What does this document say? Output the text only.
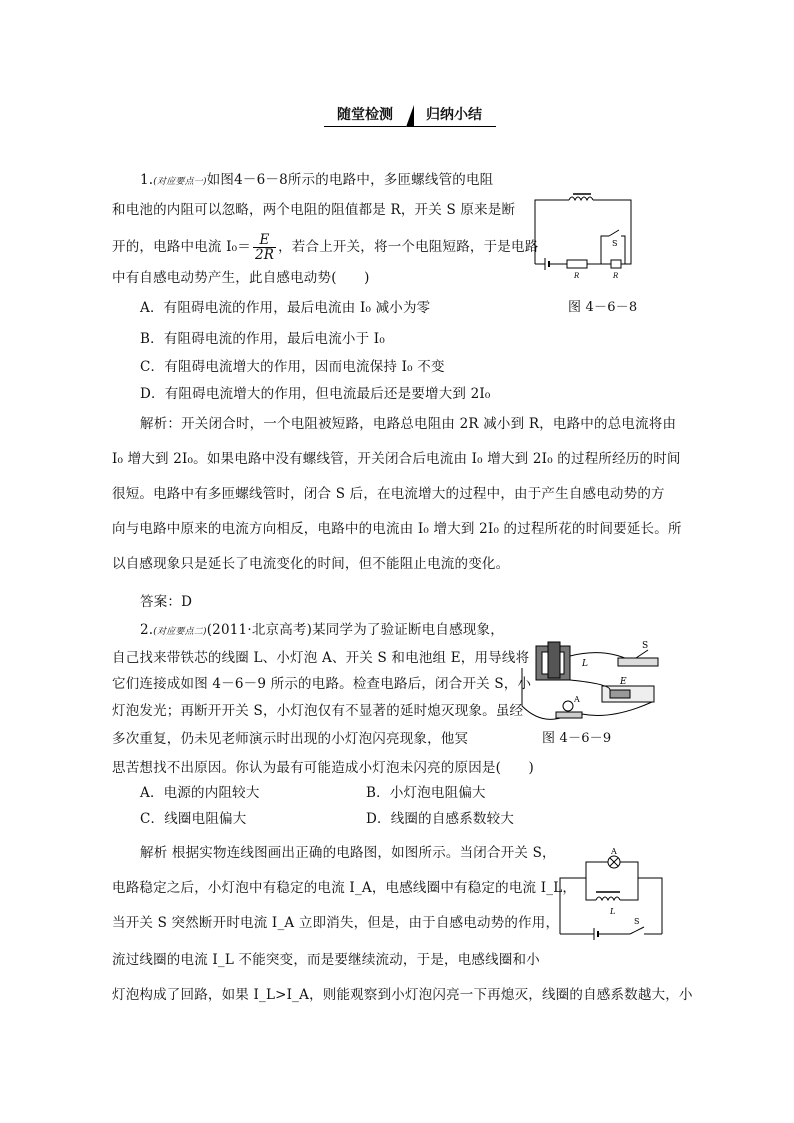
随堂检测	归纳小结
1.(对应要点一)如图4－6－8所示的电路中，多匝螺线管的电阻
和电池的内阻可以忽略，两个电阻的阻值都是 R，开关 S 原来是断
开的，电路中电流 $I_0= \frac{E}{2R}$ ，若合上开关，将一个电阻短路，于是电路
中有自感电动势产生，此自感电动势(　　)
S
R	R
A．有阻碍电流的作用，最后电流由 I₀ 减小为零	图 4－6－8
B．有阻碍电流的作用，最后电流小于 I₀
C．有阻碍电流增大的作用，因而电流保持 I₀ 不变
D．有阻碍电流增大的作用，但电流最后还是要增大到 2I₀
解析：开关闭合时，一个电阻被短路，电路总电阻由 2R 减小到 R，电路中的总电流将由
I₀ 增大到 2I₀。如果电路中没有螺线管，开关闭合后电流由 I₀ 增大到 2I₀ 的过程所经历的时间
很短。电路中有多匝螺线管时，闭合 S 后，在电流增大的过程中，由于产生自感电动势的方
向与电路中原来的电流方向相反，电路中的电流由 I₀ 增大到 2I₀ 的过程所花的时间要延长。所
以自感现象只是延长了电流变化的时间，但不能阻止电流的变化。
答案：D
2.(对应要点二)(2011·北京高考)某同学为了验证断电自感现象，
自己找来带铁芯的线圈 L、小灯泡 A、开关 S 和电池组 E，用导线将
它们连接成如图 4－6－9 所示的电路。检查电路后，闭合开关 S，小
灯泡发光；再断开开关 S，小灯泡仅有不显著的延时熄灭现象。虽经
多次重复，仍未见老师演示时出现的小灯泡闪亮现象，他冥
思苦想找不出原因。你认为最有可能造成小灯泡未闪亮的原因是(　　)
L
S
E
A
图 4－6－9
A．电源的内阻较大	B．小灯泡电阻偏大
C．线圈电阻偏大	D．线圈的自感系数较大
解析 根据实物连线图画出正确的电路图，如图所示。当闭合开关 S，
电路稳定之后，小灯泡中有稳定的电流 I_A，电感线圈中有稳定的电流 I_L，
当开关 S 突然断开时电流 I_A 立即消失，但是，由于自感电动势的作用，
流过线圈的电流 I_L 不能突变，而是要继续流动，于是，电感线圈和小
灯泡构成了回路，如果 I_L>I_A，则能观察到小灯泡闪亮一下再熄灭，线圈的自感系数越大，小
A
L
S
